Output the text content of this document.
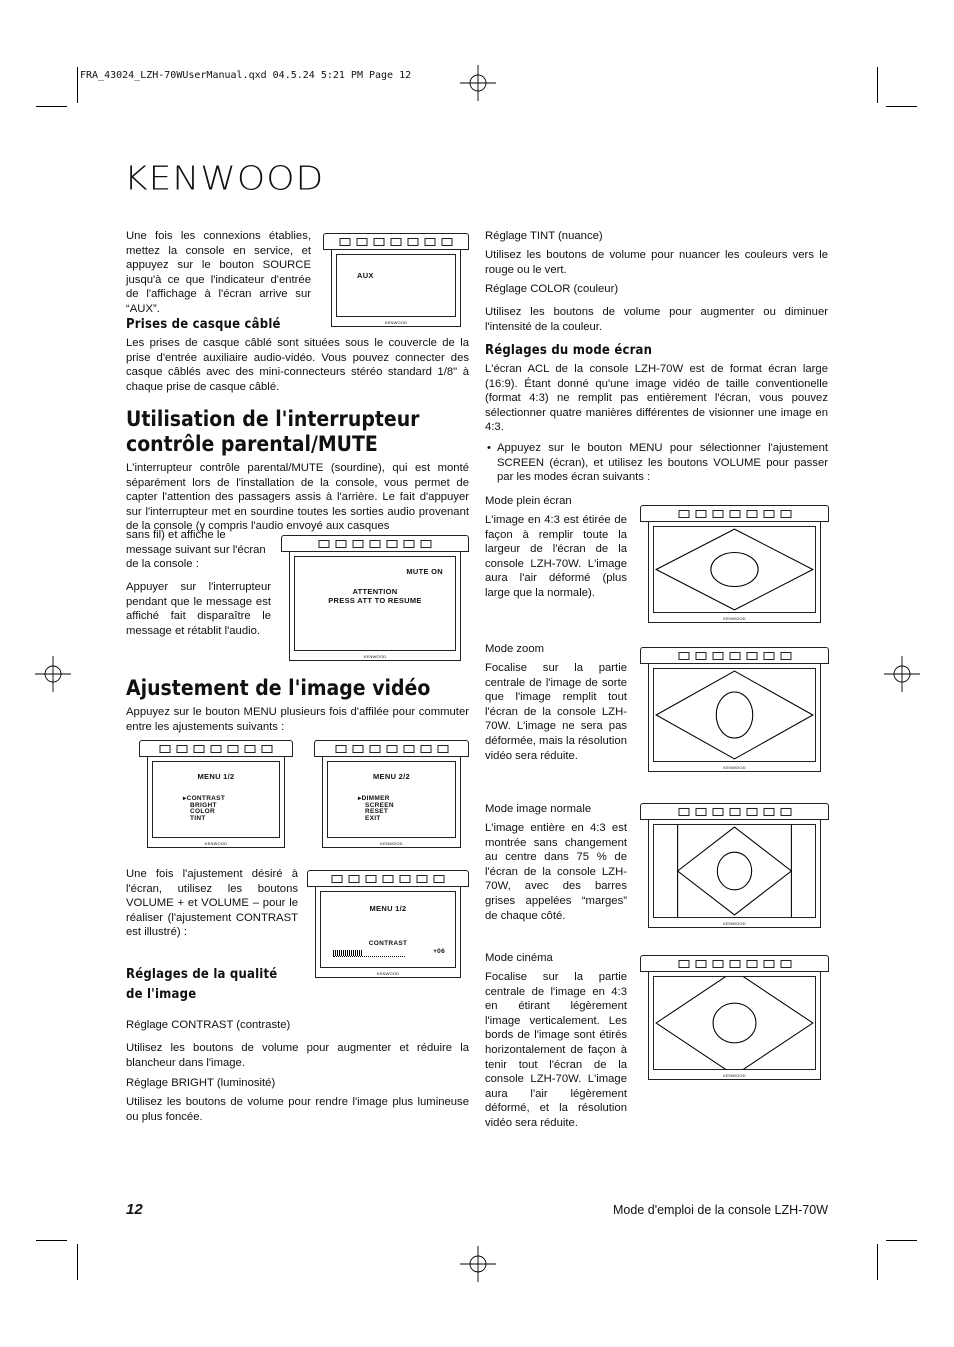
FRA_43024_LZH-70WUserManual.qxd 04.5.24 5:21 PM Page 12
KENWOOD
Une fois les connexions établies, mettez la console en service, et appuyez sur le bouton SOURCE jusqu'à ce que l'indicateur d'entrée de l'affichage à l'écran arrive sur “AUX”.
AUX
KENWOOD
Prises de casque câblé
Les prises de casque câblé sont situées sous le couvercle de la prise d'entrée auxiliaire audio-vidéo. Vous pouvez connecter des casque câblés avec des mini-connecteurs stéréo standard 1/8" à chaque prise de casque câblé.
Utilisation de l'interrupteur
contrôle parental/MUTE
L'interrupteur contrôle parental/MUTE (sourdine), qui est monté séparément lors de l'installation de la console, vous permet de capter l'attention des passagers assis à l'arrière. Le fait d'appuyer sur l'interrupteur met en sourdine toutes les sorties audio provenant de la console (y compris l'audio envoyé aux casques
sans fil) et affiche le message suivant sur l'écran de la console :
Appuyer sur l'interrupteur pendant que le message est affiché fait disparaître le message et rétablit l'audio.
MUTE ON
ATTENTION
PRESS ATT TO RESUME
KENWOOD
Ajustement de l'image vidéo
Appuyez sur le bouton MENU plusieurs fois d'affilée pour commuter entre les ajustements suivants :
MENU 1/2
▸CONTRAST
BRIGHT
COLOR
TINT
KENWOOD
MENU 2/2
▸DIMMER
SCREEN
RESET
EXIT
KENWOOD
Une fois l'ajustement désiré à l'écran, utilisez les boutons VOLUME + et VOLUME – pour le réaliser (l'ajustement CONTRAST est illustré) :
MENU 1/2
CONTRAST
+06
KENWOOD
Réglages de la qualité
de l'image
Réglage CONTRAST (contraste)
Utilisez les boutons de volume pour augmenter et réduire la blancheur dans l'image.
Réglage BRIGHT (luminosité)
Utilisez les boutons de volume pour rendre l'image plus lumineuse ou plus foncée.
Réglage TINT (nuance)
Utilisez les boutons de volume pour nuancer les couleurs vers le rouge ou le vert.
Réglage COLOR (couleur)
Utilisez les boutons de volume pour augmenter ou diminuer l'intensité de la couleur.
Réglages du mode écran
L'écran ACL de la console LZH-70W est de format écran large (16:9). Étant donné qu'une image vidéo de taille conventionelle (format 4:3) ne remplit pas entièrement l'écran, vous pouvez sélectionner quatre manières différentes de visionner une image en 4:3.
• Appuyez sur le bouton MENU pour sélectionner l'ajustement SCREEN (écran), et utilisez les boutons VOLUME pour passer par les modes écran suivants :
Mode plein écran
L'image en 4:3 est étirée de façon à remplir toute la largeur de l'écran de la console LZH-70W. L'image aura l'air déformé (plus large que la normale).
KENWOOD
Mode zoom
Focalise sur la partie centrale de l'image de sorte que l'image remplit tout l'écran de la console LZH-70W. L'image ne sera pas déformée, mais la résolution vidéo sera réduite.
KENWOOD
Mode image normale
L'image entière en 4:3 est montrée sans changement au centre dans 75 % de l'écran de la console LZH-70W, avec des barres grises appelées “marges” de chaque côté.
KENWOOD
Mode cinéma
Focalise sur la partie centrale de l'image en 4:3 en étirant légèrement l'image verticalement. Les bords de l'image sont étirés horizontalement de façon à tenir tout l'écran de la console LZH-70W. L'image aura l'air légèrement déformé, et la résolution vidéo sera réduite.
KENWOOD
12	Mode d'emploi de la console LZH-70W
